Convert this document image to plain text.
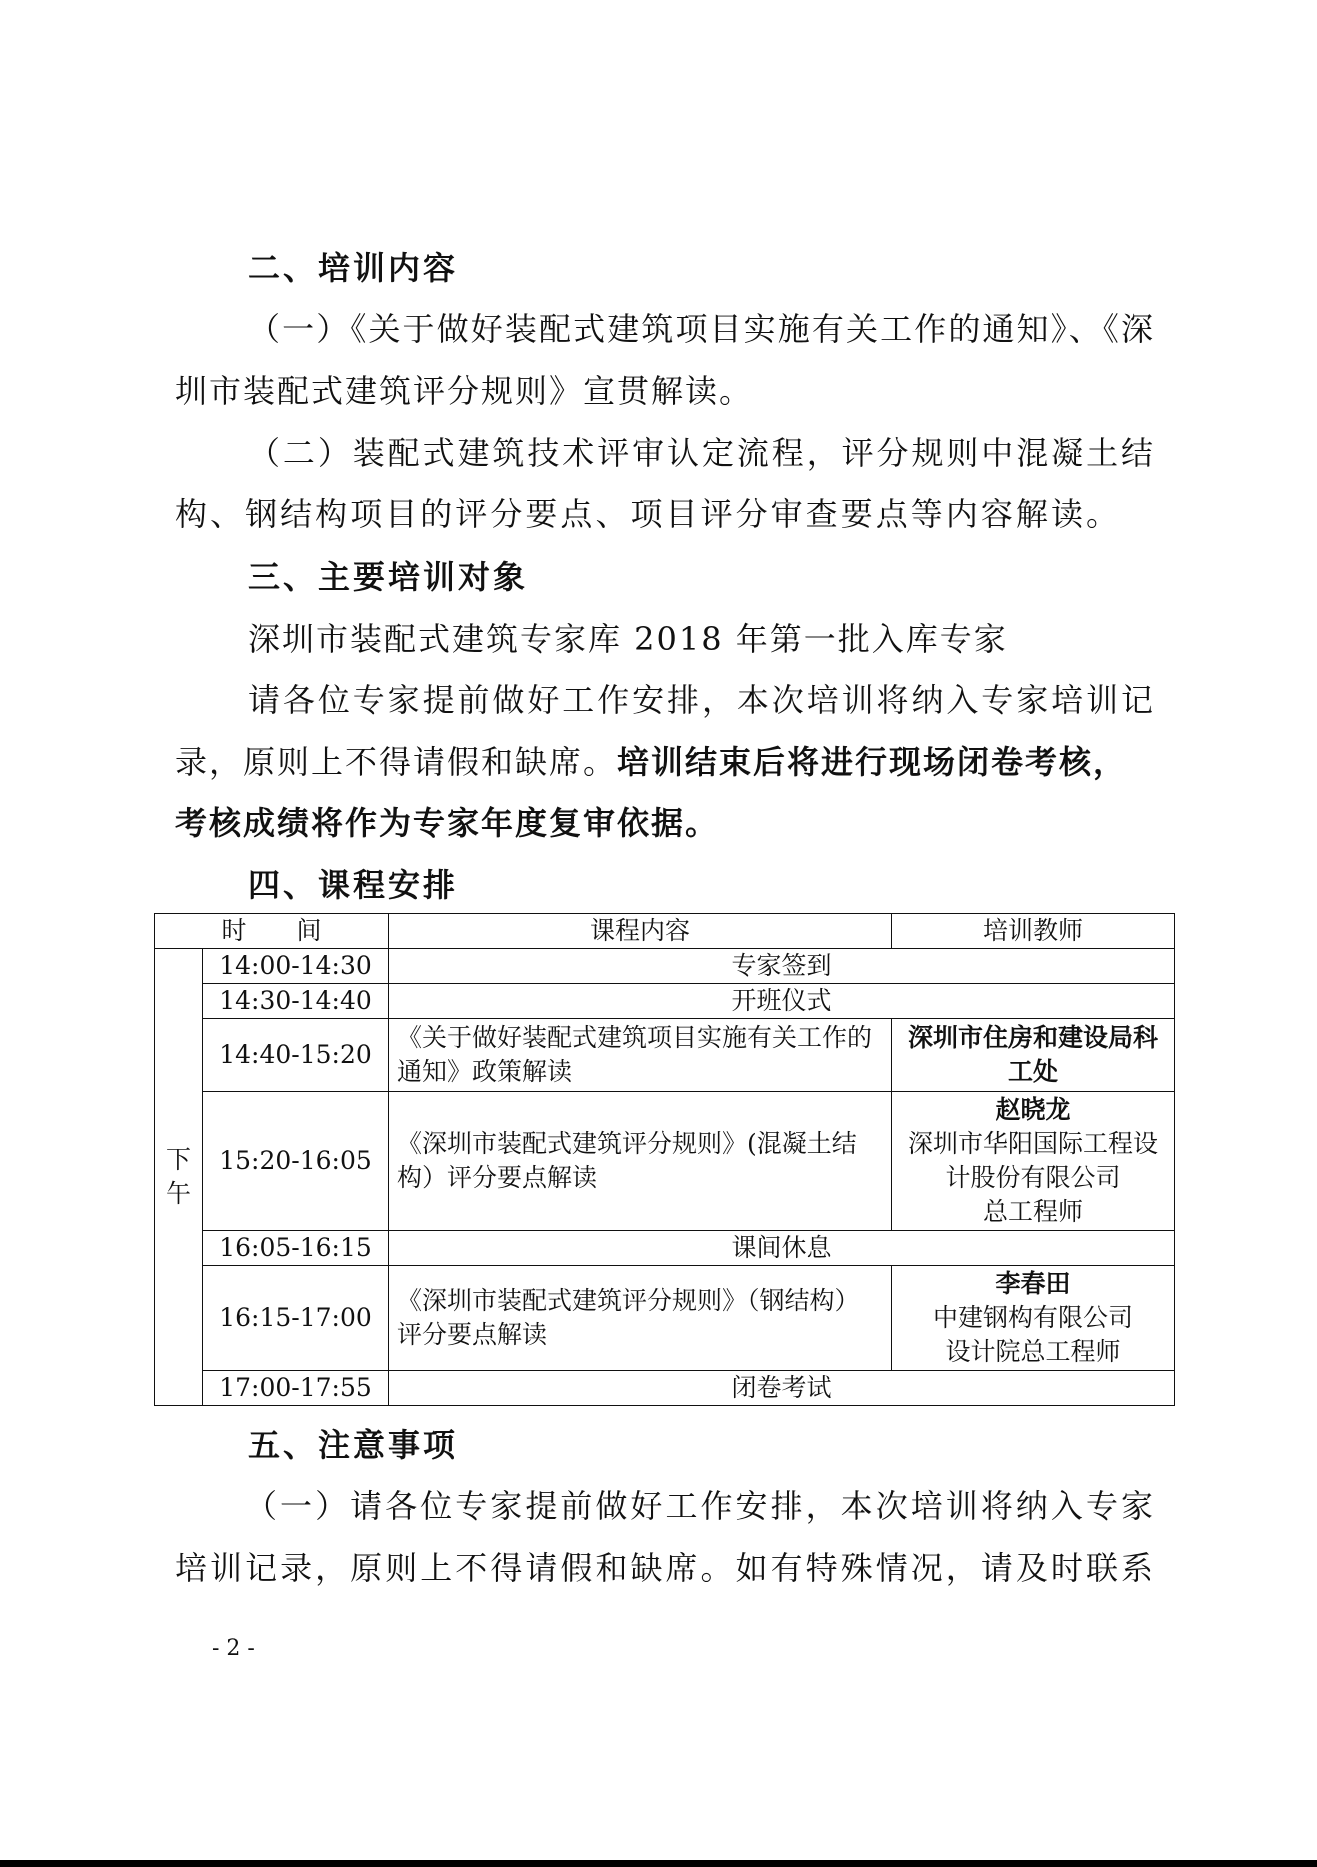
二、培训内容
（一）《关于做好装配式建筑项目实施有关工作的通知》、《深
圳市装配式建筑评分规则》宣贯解读。
（二）装配式建筑技术评审认定流程，评分规则中混凝土结
构、钢结构项目的评分要点、项目评分审查要点等内容解读。
三、主要培训对象
深圳市装配式建筑专家库 2018 年第一批入库专家
请各位专家提前做好工作安排，本次培训将纳入专家培训记
录，原则上不得请假和缺席。培训结束后将进行现场闭卷考核，
考核成绩将作为专家年度复审依据。
四、课程安排
时　　间		课程内容	培训教师
下午	14:00-14:30	专家签到	
	14:30-14:40	开班仪式	
	14:40-15:20	《关于做好装配式建筑项目实施有关工作的通知》政策解读	深圳市住房和建设局科工处
	15:20-16:05	《深圳市装配式建筑评分规则》(混凝土结构）评分要点解读	赵晓龙
深圳市华阳国际工程设计股份有限公司
总工程师

	16:05-16:15	课间休息	
	16:15-17:00	《深圳市装配式建筑评分规则》（钢结构）评分要点解读	李春田
中建钢构有限公司
设计院总工程师

	17:00-17:55	闭卷考试	
五、注意事项
（一）请各位专家提前做好工作安排，本次培训将纳入专家
培训记录，原则上不得请假和缺席。如有特殊情况，请及时联系
- 2 -
